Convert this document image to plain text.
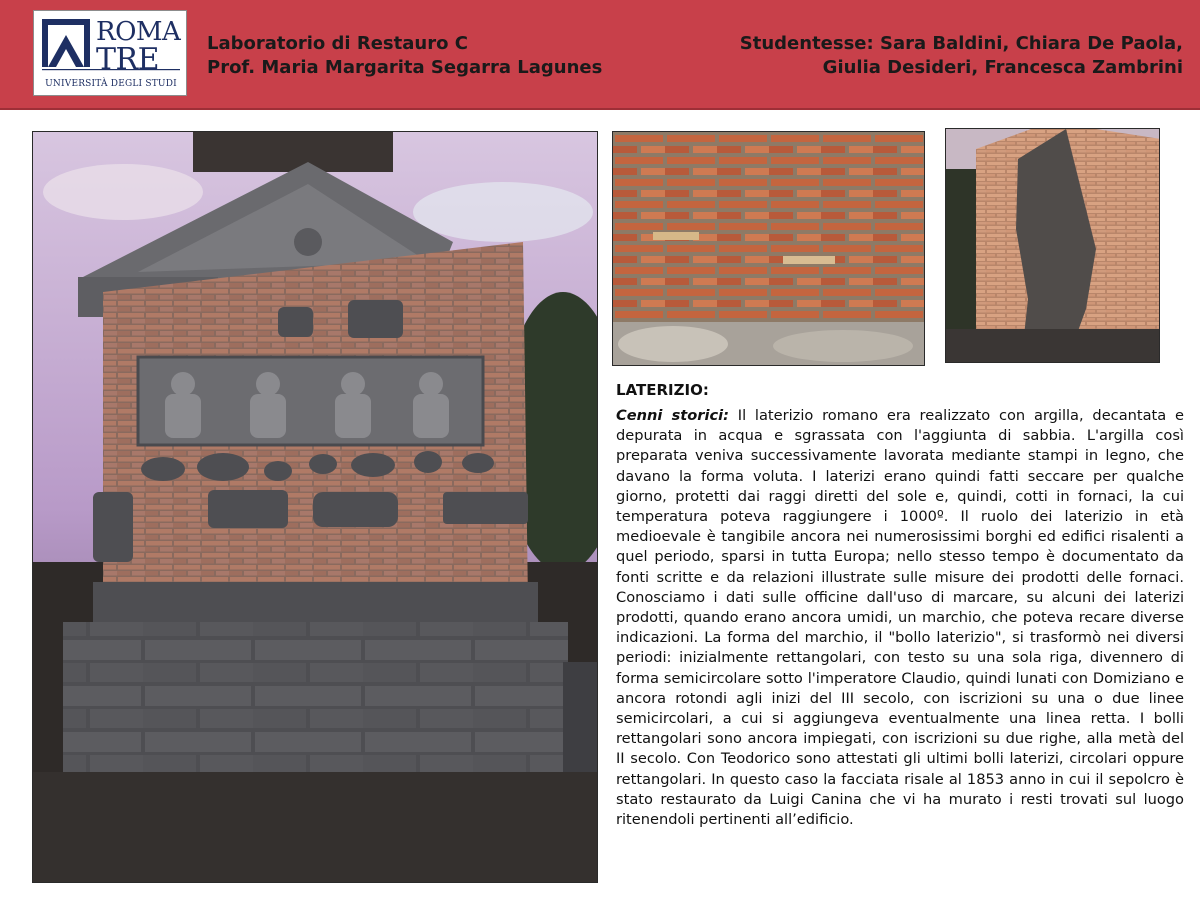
ROMA
TRE
UNIVERSITÀ DEGLI STUDI
Laboratorio di Restauro C
Prof. Maria Margarita Segarra Lagunes
Studentesse: Sara Baldini, Chiara De Paola,
Giulia Desideri, Francesca Zambrini
LATERIZIO:
Cenni storici: Il laterizio romano era realizzato con argilla, decantata e depurata in acqua e sgrassata con l'aggiunta di sabbia. L'argilla così preparata veniva successivamente lavorata mediante stampi in legno, che davano la forma voluta. I laterizi erano quindi fatti seccare per qualche giorno, protetti dai raggi diretti del sole e, quindi, cotti in fornaci, la cui temperatura poteva raggiungere i 1000º. Il ruolo dei laterizio in età medioevale è tangibile ancora nei numerosissimi borghi ed edifici risalenti a quel periodo, sparsi in tutta Europa; nello stesso tempo è documentato da fonti scritte e da relazioni illustrate sulle misure dei prodotti delle fornaci. Conosciamo i dati sulle officine dall'uso di marcare, su alcuni dei laterizi prodotti, quando erano ancora umidi, un marchio, che poteva recare diverse indicazioni. La forma del marchio, il "bollo laterizio", si trasformò nei diversi periodi: inizialmente rettangolari, con testo su una sola riga, divennero di forma semicircolare sotto l'imperatore Claudio, quindi lunati con Domiziano e ancora rotondi agli inizi del III secolo, con iscrizioni su una o due linee semicircolari, a cui si aggiungeva eventualmente una linea retta. I bolli rettangolari sono ancora impiegati, con iscrizioni su due righe, alla metà del II secolo. Con Teodorico sono attestati gli ultimi bolli laterizi, circolari oppure rettangolari. In questo caso la facciata risale al 1853 anno in cui il sepolcro è stato restaurato da Luigi Canina che vi ha murato i resti trovati sul luogo ritenendoli pertinenti all’edificio.
